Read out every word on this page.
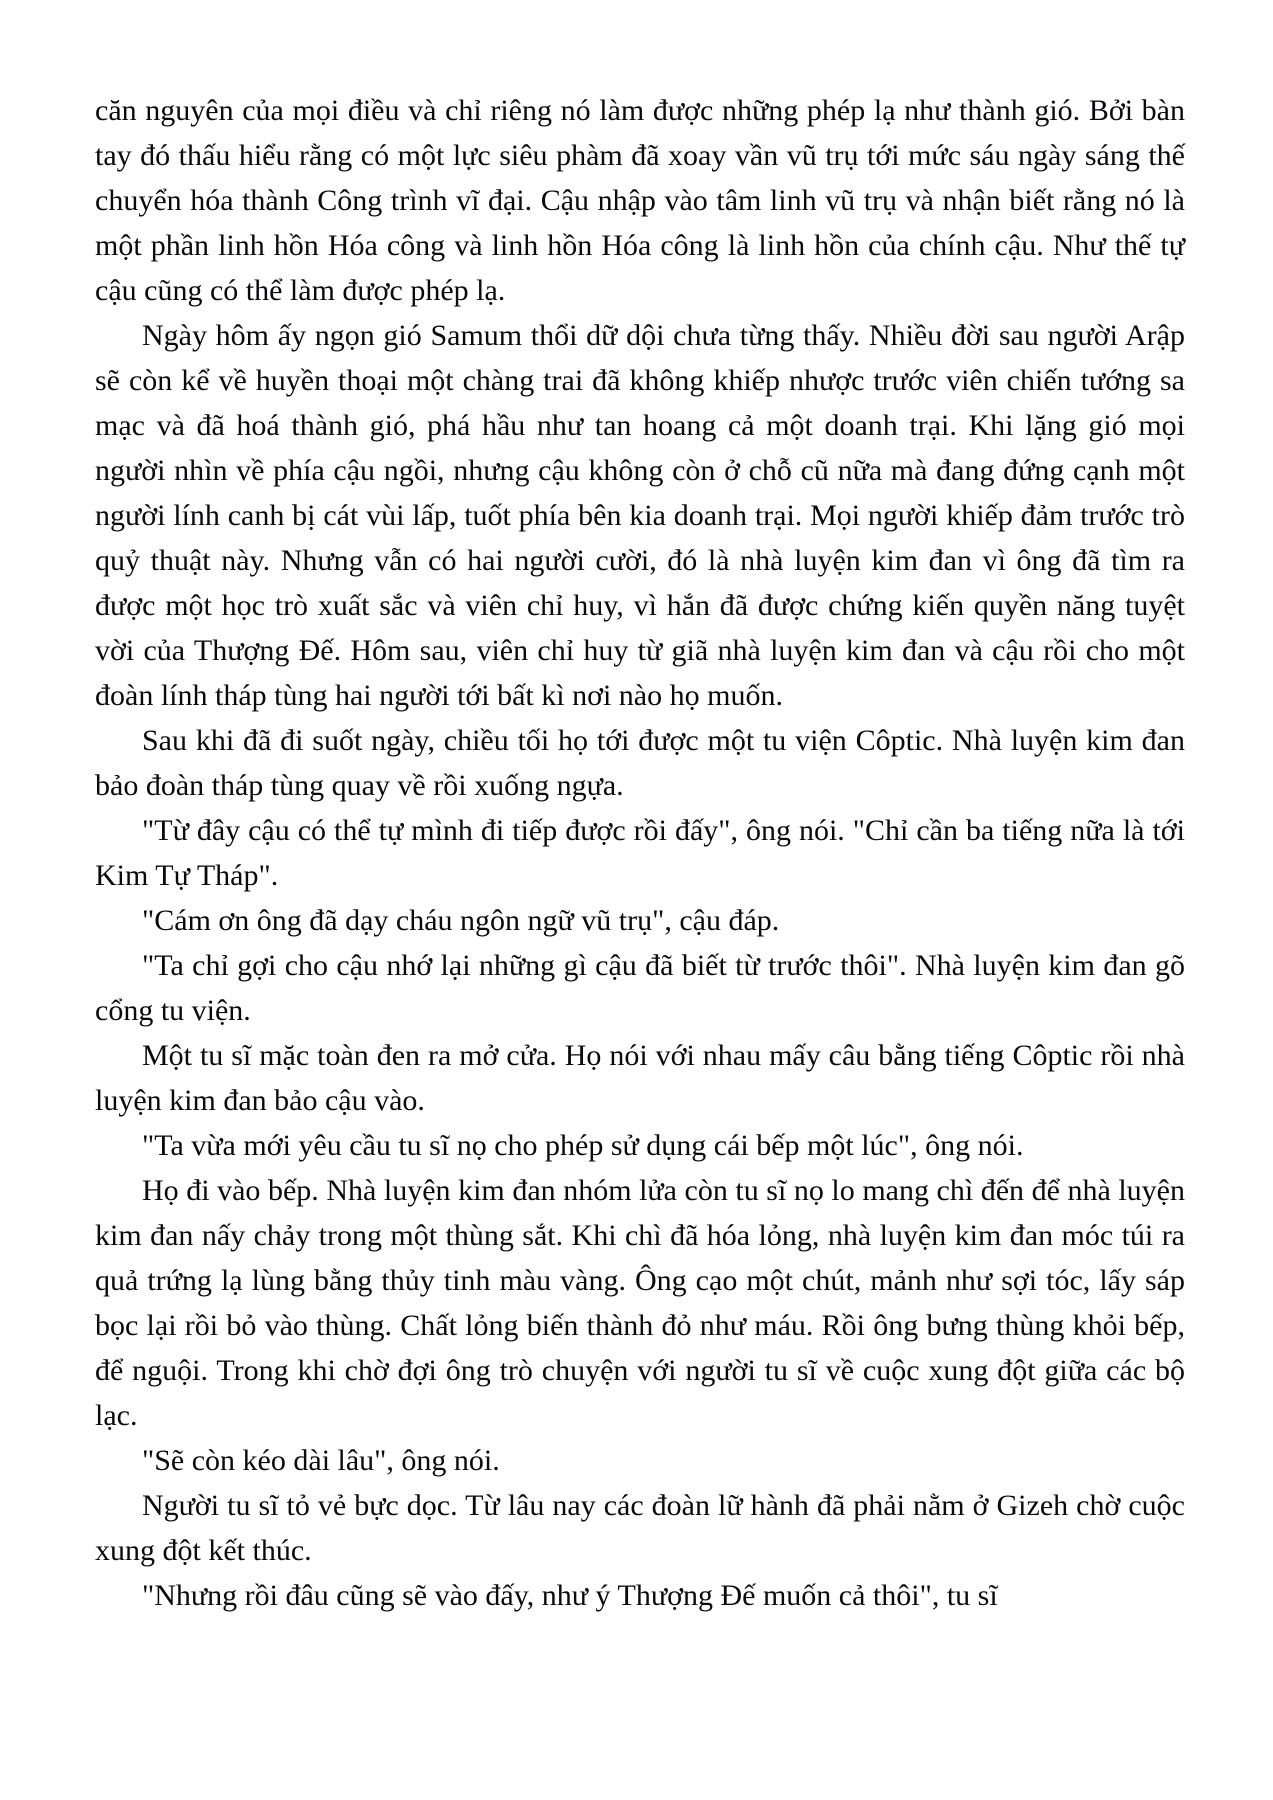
căn nguyên của mọi điều và chỉ riêng nó làm được những phép lạ như thành gió. Bởi bàn tay đó thấu hiểu rằng có một lực siêu phàm đã xoay vần vũ trụ tới mức sáu ngày sáng thế chuyển hóa thành Công trình vĩ đại. Cậu nhập vào tâm linh vũ trụ và nhận biết rằng nó là một phần linh hồn Hóa công và linh hồn Hóa công là linh hồn của chính cậu. Như thế tự cậu cũng có thể làm được phép lạ.

Ngày hôm ấy ngọn gió Samum thổi dữ dội chưa từng thấy. Nhiều đời sau người Arập sẽ còn kể về huyền thoại một chàng trai đã không khiếp nhược trước viên chiến tướng sa mạc và đã hoá thành gió, phá hầu như tan hoang cả một doanh trại. Khi lặng gió mọi người nhìn về phía cậu ngồi, nhưng cậu không còn ở chỗ cũ nữa mà đang đứng cạnh một người lính canh bị cát vùi lấp, tuốt phía bên kia doanh trại. Mọi người khiếp đảm trước trò quỷ thuật này. Nhưng vẫn có hai người cười, đó là nhà luyện kim đan vì ông đã tìm ra được một học trò xuất sắc và viên chỉ huy, vì hắn đã được chứng kiến quyền năng tuyệt vời của Thượng Đế. Hôm sau, viên chỉ huy từ giã nhà luyện kim đan và cậu rồi cho một đoàn lính tháp tùng hai người tới bất kì nơi nào họ muốn.

Sau khi đã đi suốt ngày, chiều tối họ tới được một tu viện Côptic. Nhà luyện kim đan bảo đoàn tháp tùng quay về rồi xuống ngựa.

"Từ đây cậu có thể tự mình đi tiếp được rồi đấy", ông nói. "Chỉ cần ba tiếng nữa là tới Kim Tự Tháp".

"Cám ơn ông đã dạy cháu ngôn ngữ vũ trụ", cậu đáp.

"Ta chỉ gợi cho cậu nhớ lại những gì cậu đã biết từ trước thôi". Nhà luyện kim đan gõ cổng tu viện.

Một tu sĩ mặc toàn đen ra mở cửa. Họ nói với nhau mấy câu bằng tiếng Côptic rồi nhà luyện kim đan bảo cậu vào.

"Ta vừa mới yêu cầu tu sĩ nọ cho phép sử dụng cái bếp một lúc", ông nói.

Họ đi vào bếp. Nhà luyện kim đan nhóm lửa còn tu sĩ nọ lo mang chì đến để nhà luyện kim đan nấy chảy trong một thùng sắt. Khi chì đã hóa lỏng, nhà luyện kim đan móc túi ra quả trứng lạ lùng bằng thủy tinh màu vàng. Ông cạo một chút, mảnh như sợi tóc, lấy sáp bọc lại rồi bỏ vào thùng. Chất lỏng biến thành đỏ như máu. Rồi ông bưng thùng khỏi bếp, để nguội. Trong khi chờ đợi ông trò chuyện với người tu sĩ về cuộc xung đột giữa các bộ lạc.

"Sẽ còn kéo dài lâu", ông nói.

Người tu sĩ tỏ vẻ bực dọc. Từ lâu nay các đoàn lữ hành đã phải nằm ở Gizeh chờ cuộc xung đột kết thúc.

"Nhưng rồi đâu cũng sẽ vào đấy, như ý Thượng Đế muốn cả thôi", tu sĩ
